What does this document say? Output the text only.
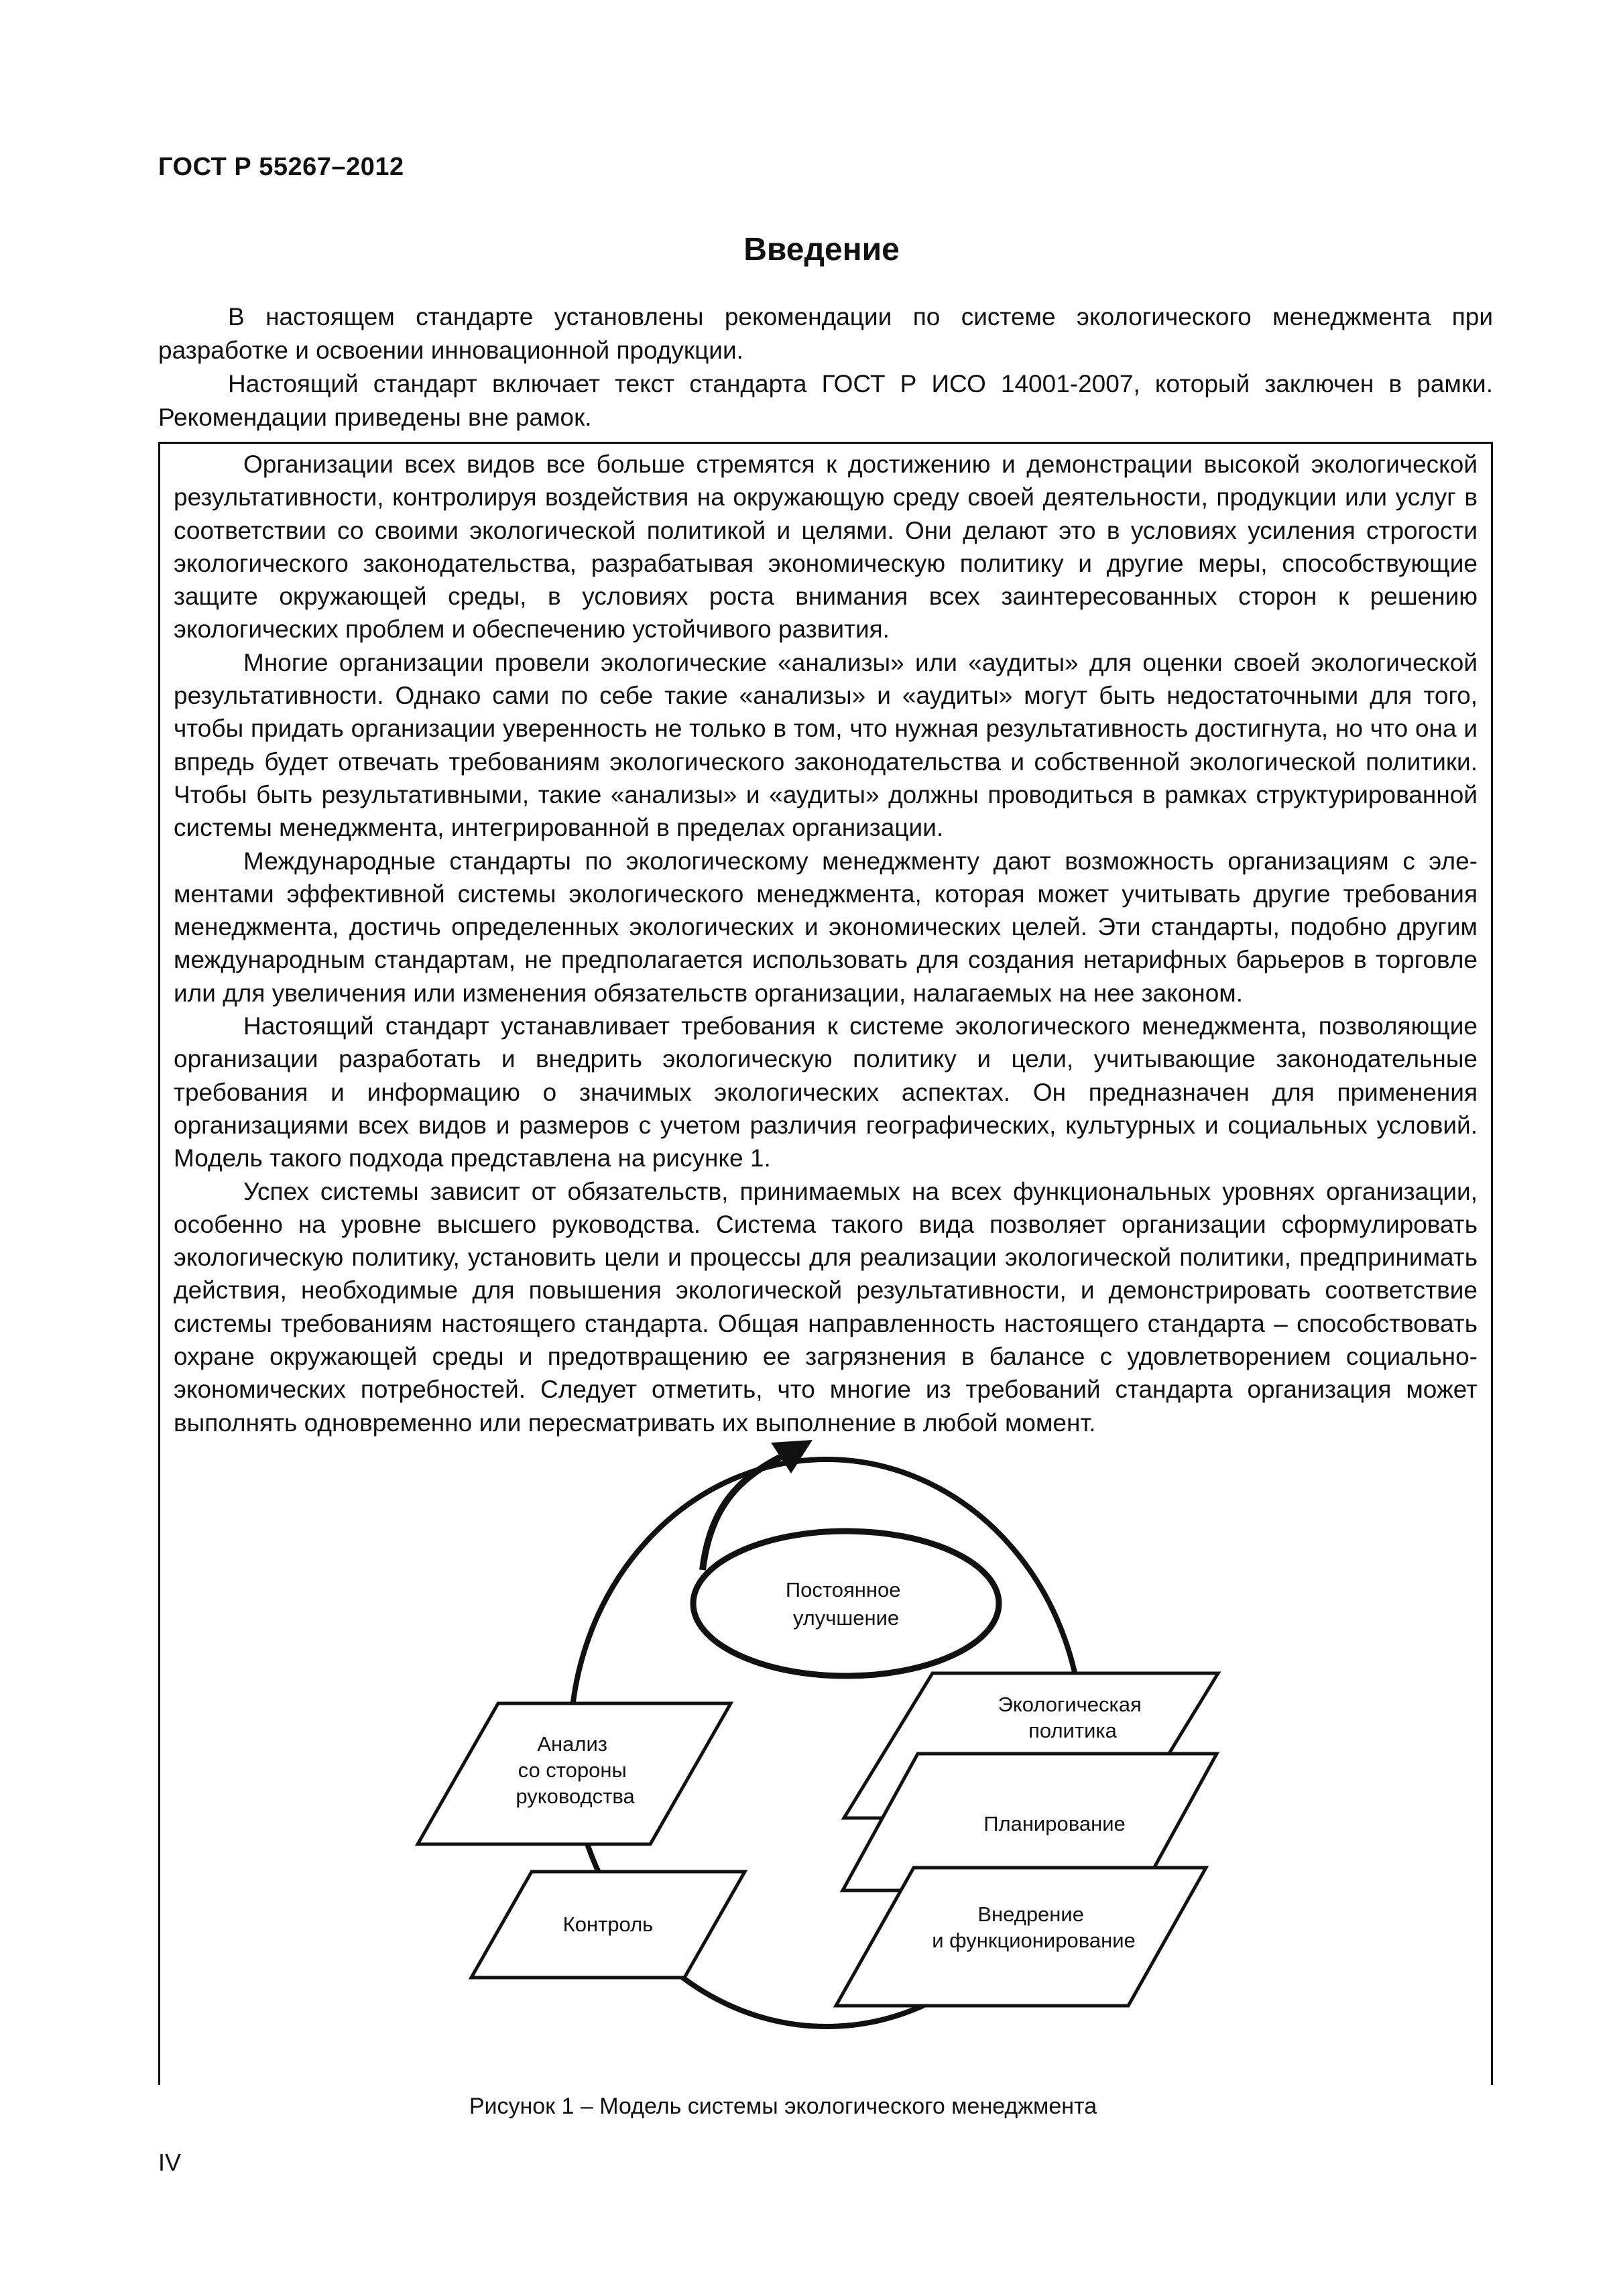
ГОСТ Р 55267–2012
Введение

В настоящем стандарте установлены рекомендации по системе экологического менеджмента при разработке и освоении инновационной продукции.

Настоящий стандарт включает текст стандарта ГОСТ Р ИСО 14001-2007, который заключен в рамки. Рекомендации приведены вне рамок.

Организации всех видов все больше стремятся к достижению и демонстрации высокой экологической результативности, контролируя воздействия на окружающую среду своей деятельности, продукции или услуг в соответствии со своими экологической политикой и целями. Они делают это в условиях усиления строгости экологического законодательства, разрабатывая экономическую политику и другие меры, способствующие защите окружающей среды, в условиях роста внимания всех заинтересованных сторон к решению экологических проблем и обеспечению устойчивого развития.

Многие организации провели экологические «анализы» или «аудиты» для оценки своей экологической результативности. Однако сами по себе такие «анализы» и «аудиты» могут быть недостаточными для того, чтобы придать организации уверенность не только в том, что нужная результативность достигнута, но что она и впредь будет отвечать требованиям экологического законодательства и собственной экологической политики. Чтобы быть результативными, такие «анализы» и «аудиты» должны проводиться в рамках структурированной системы менеджмента, интегрированной в пределах организации.

Международные стандарты по экологическому менеджменту дают возможность организациям с элементами эффективной системы экологического менеджмента, которая может учитывать другие требования менеджмента, достичь определенных экологических и экономических целей. Эти стандарты, подобно другим международным стандартам, не предполагается использовать для создания нетарифных барьеров в торговле или для увеличения или изменения обязательств организации, налагаемых на нее законом.

Настоящий стандарт устанавливает требования к системе экологического менеджмента, позволяющие организации разработать и внедрить экологическую политику и цели, учитывающие законодательные требования и информацию о значимых экологических аспектах. Он предназначен для применения организациями всех видов и размеров с учетом различия географических, культурных и социальных условий. Модель такого подхода представлена на рисунке 1.

Успех системы зависит от обязательств, принимаемых на всех функциональных уровнях организации, особенно на уровне высшего руководства. Система такого вида позволяет организации сформулировать экологическую политику, установить цели и процессы для реализации экологической политики, предпринимать действия, необходимые для повышения экологической результативности, и демонстрировать соответствие системы требованиям настоящего стандарта. Общая направленность настоящего стандарта – способствовать охране окружающей среды и предотвращению ее загрязнения в балансе с удовлетворением социально-экономических потребностей. Следует отметить, что многие из требований стандарта организация может выполнять одновременно или пересматривать их выполнение в любой момент.

Постоянное улучшение
Анализ со стороны руководства
Контроль
Экологическая политика
Планирование
Внедрение и функционирование
Рисунок 1 – Модель системы экологического менеджмента
IV
